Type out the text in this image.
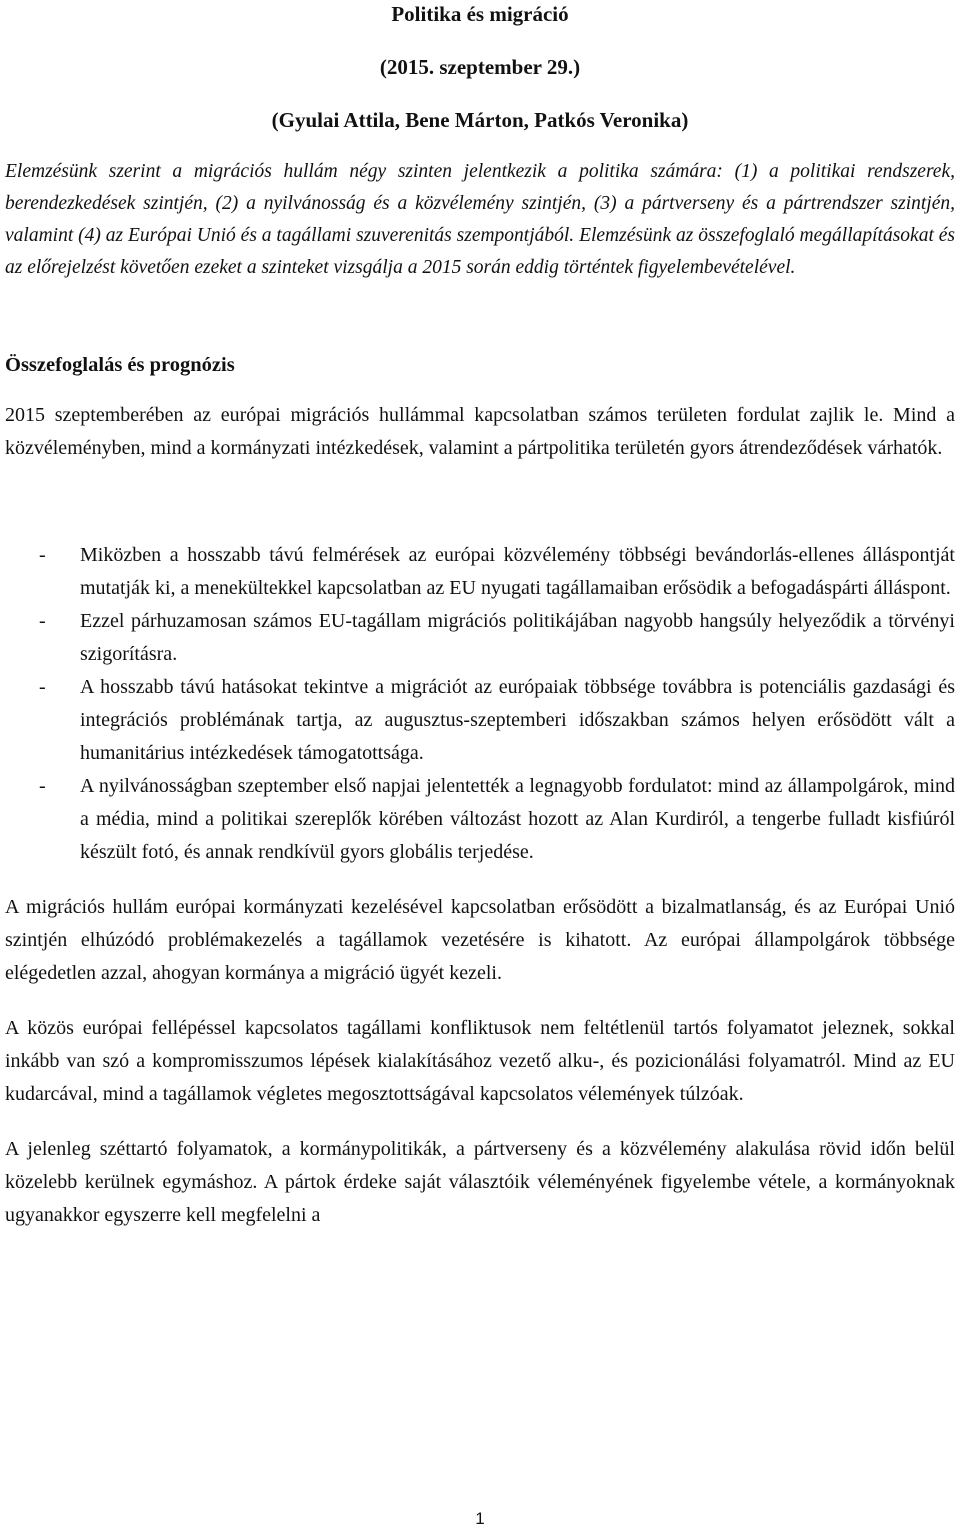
Politika és migráció

(2015. szeptember 29.)

(Gyulai Attila, Bene Márton, Patkós Veronika)

Elemzésünk szerint a migrációs hullám négy szinten jelentkezik a politika számára: (1) a politikai rendszerek, berendezkedések szintjén, (2) a nyilvánosság és a közvélemény szintjén, (3) a pártverseny és a pártrendszer szintjén, valamint (4) az Európai Unió és a tagállami szuverenitás szempontjából. Elemzésünk az összefoglaló megállapításokat és az előrejelzést követően ezeket a szinteket vizsgálja a 2015 során eddig történtek figyelembevételével.

Összefoglalás és prognózis

2015 szeptemberében az európai migrációs hullámmal kapcsolatban számos területen fordulat zajlik le. Mind a közvéleményben, mind a kormányzati intézkedések, valamint a pártpolitika területén gyors átrendeződések várhatók.

- Miközben a hosszabb távú felmérések az európai közvélemény többségi bevándorlás-ellenes álláspontját mutatják ki, a menekültekkel kapcsolatban az EU nyugati tagállamaiban erősödik a befogadáspárti álláspont.
- Ezzel párhuzamosan számos EU-tagállam migrációs politikájában nagyobb hangsúly helyeződik a törvényi szigorításra.
- A hosszabb távú hatásokat tekintve a migrációt az európaiak többsége továbbra is potenciális gazdasági és integrációs problémának tartja, az augusztus-szeptemberi időszakban számos helyen erősödött vált a humanitárius intézkedések támogatottsága.
- A nyilvánosságban szeptember első napjai jelentették a legnagyobb fordulatot: mind az állampolgárok, mind a média, mind a politikai szereplők körében változást hozott az Alan Kurdiról, a tengerbe fulladt kisfiúról készült fotó, és annak rendkívül gyors globális terjedése.

A migrációs hullám európai kormányzati kezelésével kapcsolatban erősödött a bizalmatlanság, és az Európai Unió szintjén elhúzódó problémakezelés a tagállamok vezetésére is kihatott. Az európai állampolgárok többsége elégedetlen azzal, ahogyan kormánya a migráció ügyét kezeli.

A közös európai fellépéssel kapcsolatos tagállami konfliktusok nem feltétlenül tartós folyamatot jeleznek, sokkal inkább van szó a kompromisszumos lépések kialakításához vezető alku-, és pozicionálási folyamatról. Mind az EU kudarcával, mind a tagállamok végletes megosztottságával kapcsolatos vélemények túlzóak.

A jelenleg széttartó folyamatok, a kormánypolitikák, a pártverseny és a közvélemény alakulása rövid időn belül közelebb kerülnek egymáshoz. A pártok érdeke saját választóik véleményének figyelembe vétele, a kormányoknak ugyanakkor egyszerre kell megfelelni a

1
